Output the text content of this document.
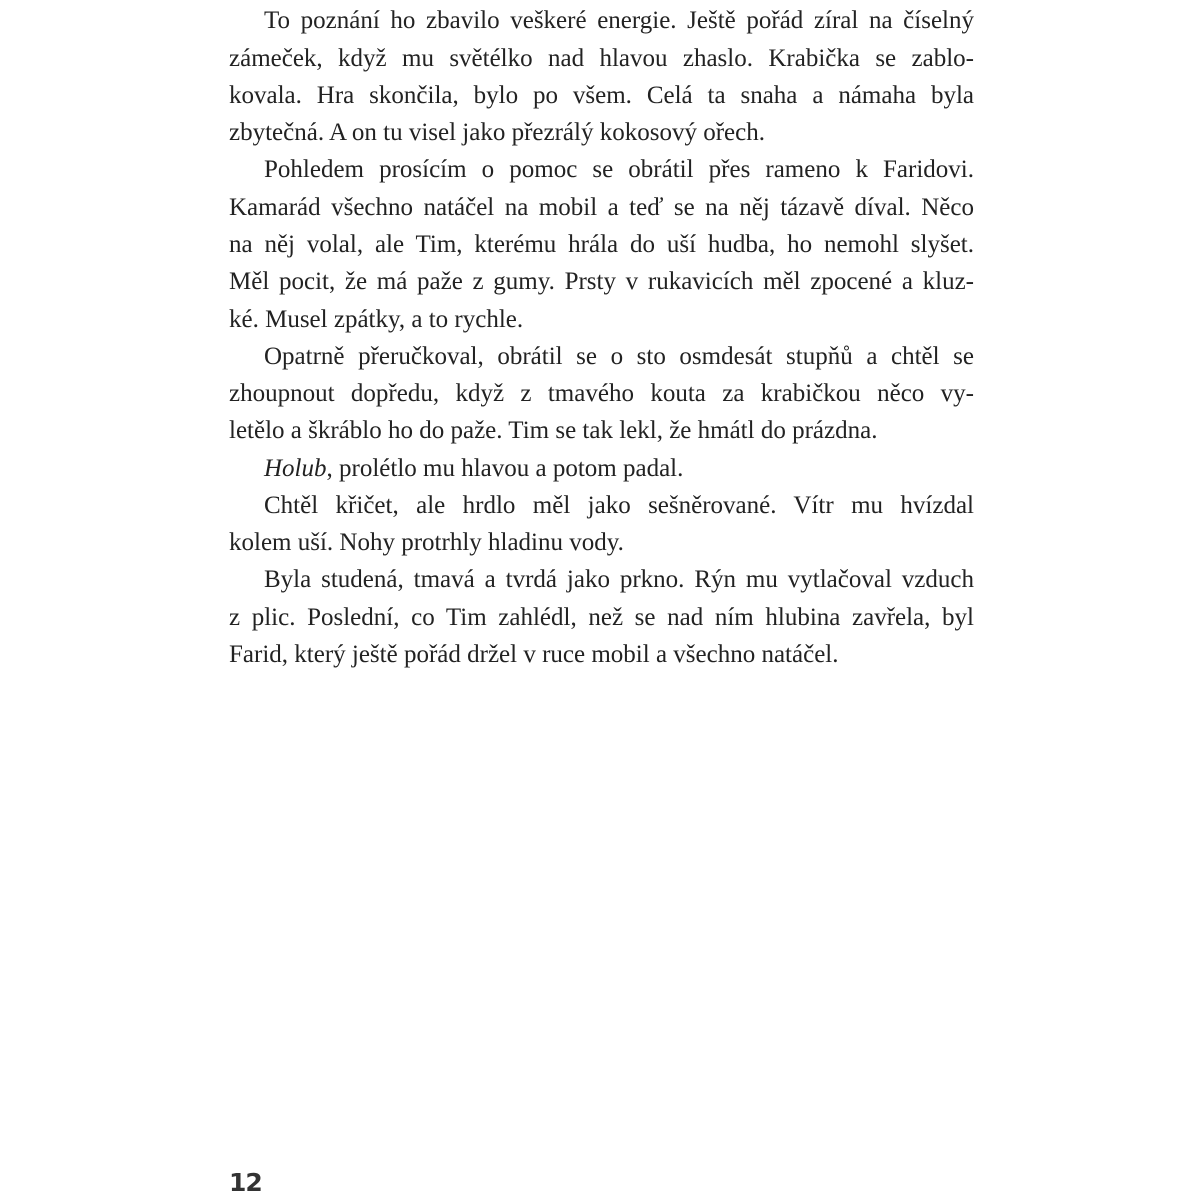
To poznání ho zbavilo veškeré energie. Ještě pořád zíral na číselný
zámeček, když mu světélko nad hlavou zhaslo. Krabička se zablo-
kovala. Hra skončila, bylo po všem. Celá ta snaha a námaha byla
zbytečná. A on tu visel jako přezrálý kokosový ořech.
Pohledem prosícím o pomoc se obrátil přes rameno k Faridovi.
Kamarád všechno natáčel na mobil a teď se na něj tázavě díval. Něco
na něj volal, ale Tim, kterému hrála do uší hudba, ho nemohl slyšet.
Měl pocit, že má paže z gumy. Prsty v rukavicích měl zpocené a kluz-
ké. Musel zpátky, a to rychle.
Opatrně přeručkoval, obrátil se o sto osmdesát stupňů a chtěl se
zhoupnout dopředu, když z tmavého kouta za krabičkou něco vy-
letělo a škráblo ho do paže. Tim se tak lekl, že hmátl do prázdna.
Holub, prolétlo mu hlavou a potom padal.
Chtěl křičet, ale hrdlo měl jako sešněrované. Vítr mu hvízdal
kolem uší. Nohy protrhly hladinu vody.
Byla studená, tmavá a tvrdá jako prkno. Rýn mu vytlačoval vzduch
z plic. Poslední, co Tim zahlédl, než se nad ním hlubina zavřela, byl
Farid, který ještě pořád držel v ruce mobil a všechno natáčel.
12
